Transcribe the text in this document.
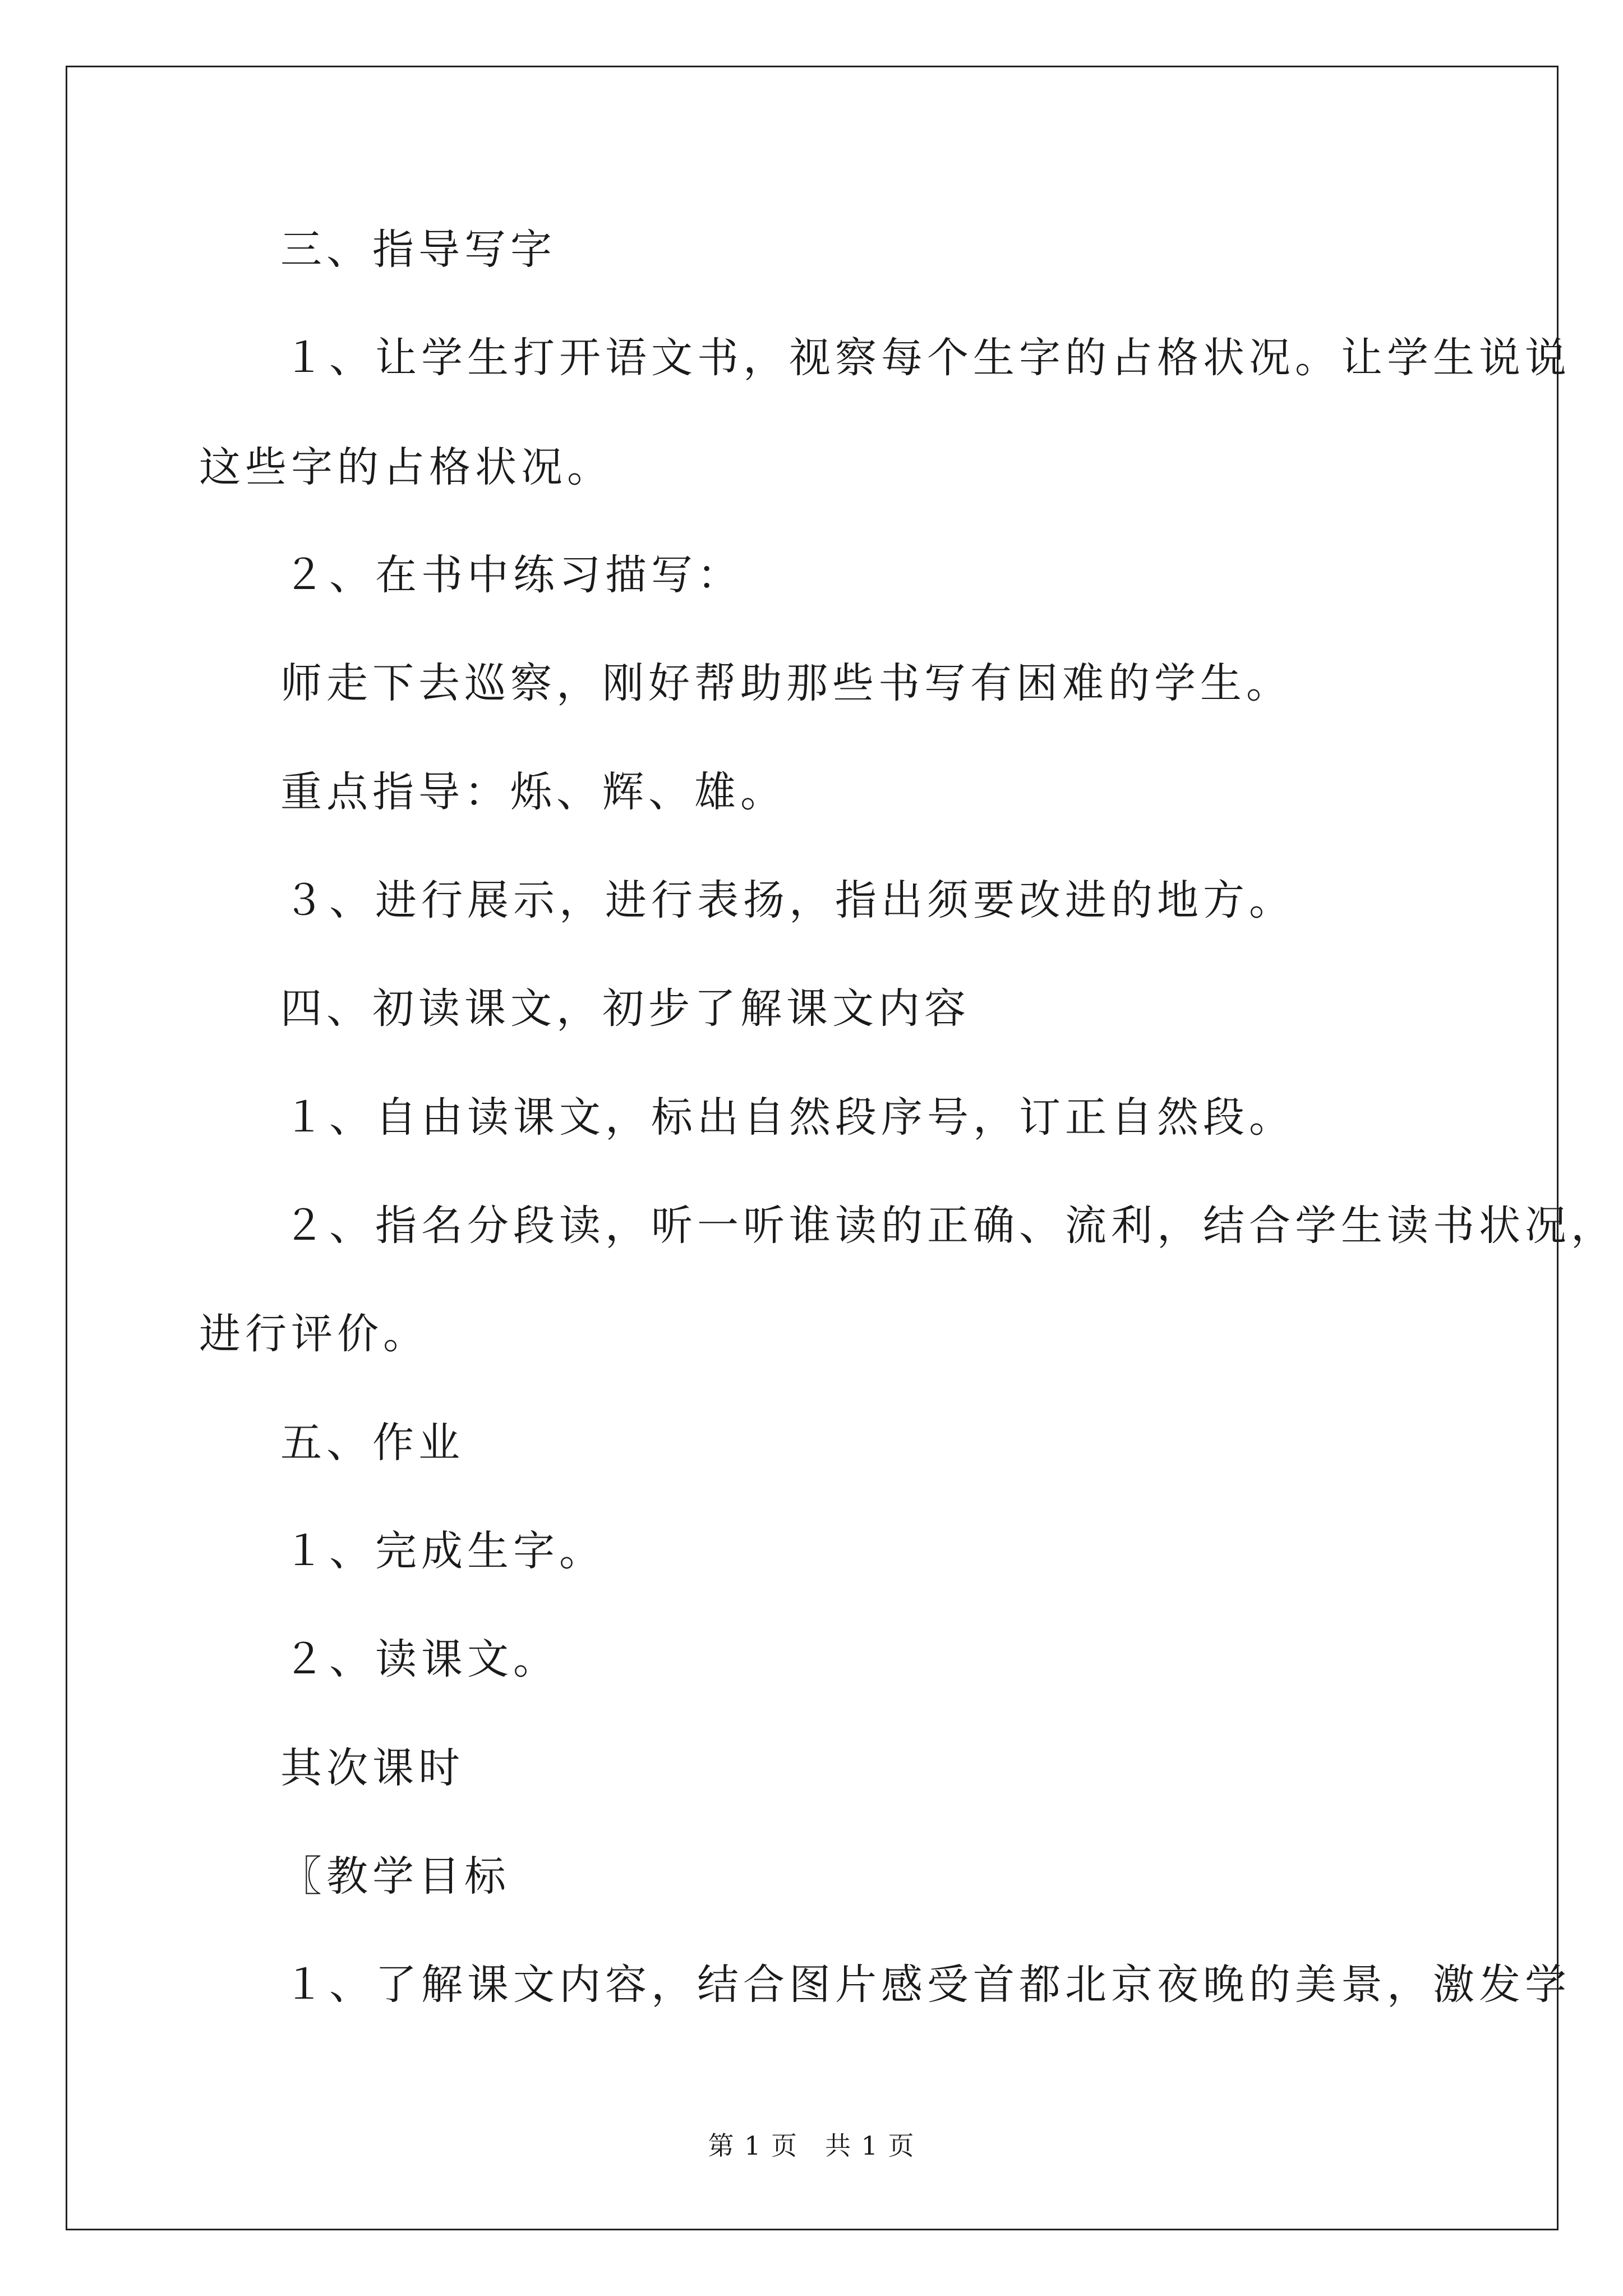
三、指导写字

１、让学生打开语文书，视察每个生字的占格状况。让学生说说

这些字的占格状况。

２、在书中练习描写：

师走下去巡察，刚好帮助那些书写有困难的学生。

重点指导：烁、辉、雄。

３、进行展示，进行表扬，指出须要改进的地方。

四、初读课文，初步了解课文内容

１、自由读课文，标出自然段序号，订正自然段。

２、指名分段读，听一听谁读的正确、流利，结合学生读书状况，

进行评价。

五、作业

１、完成生字。

２、读课文。

其次课时

〖教学目标

１、了解课文内容，结合图片感受首都北京夜晚的美景，激发学

第 1 页　共 1 页
